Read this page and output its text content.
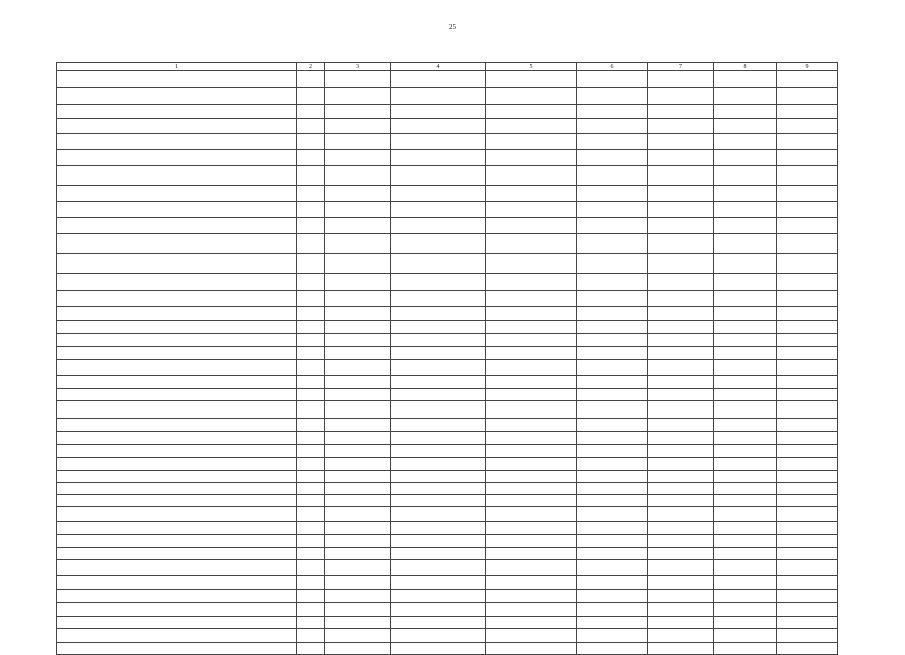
25
1	2	3	4	5	6	7	8	9
